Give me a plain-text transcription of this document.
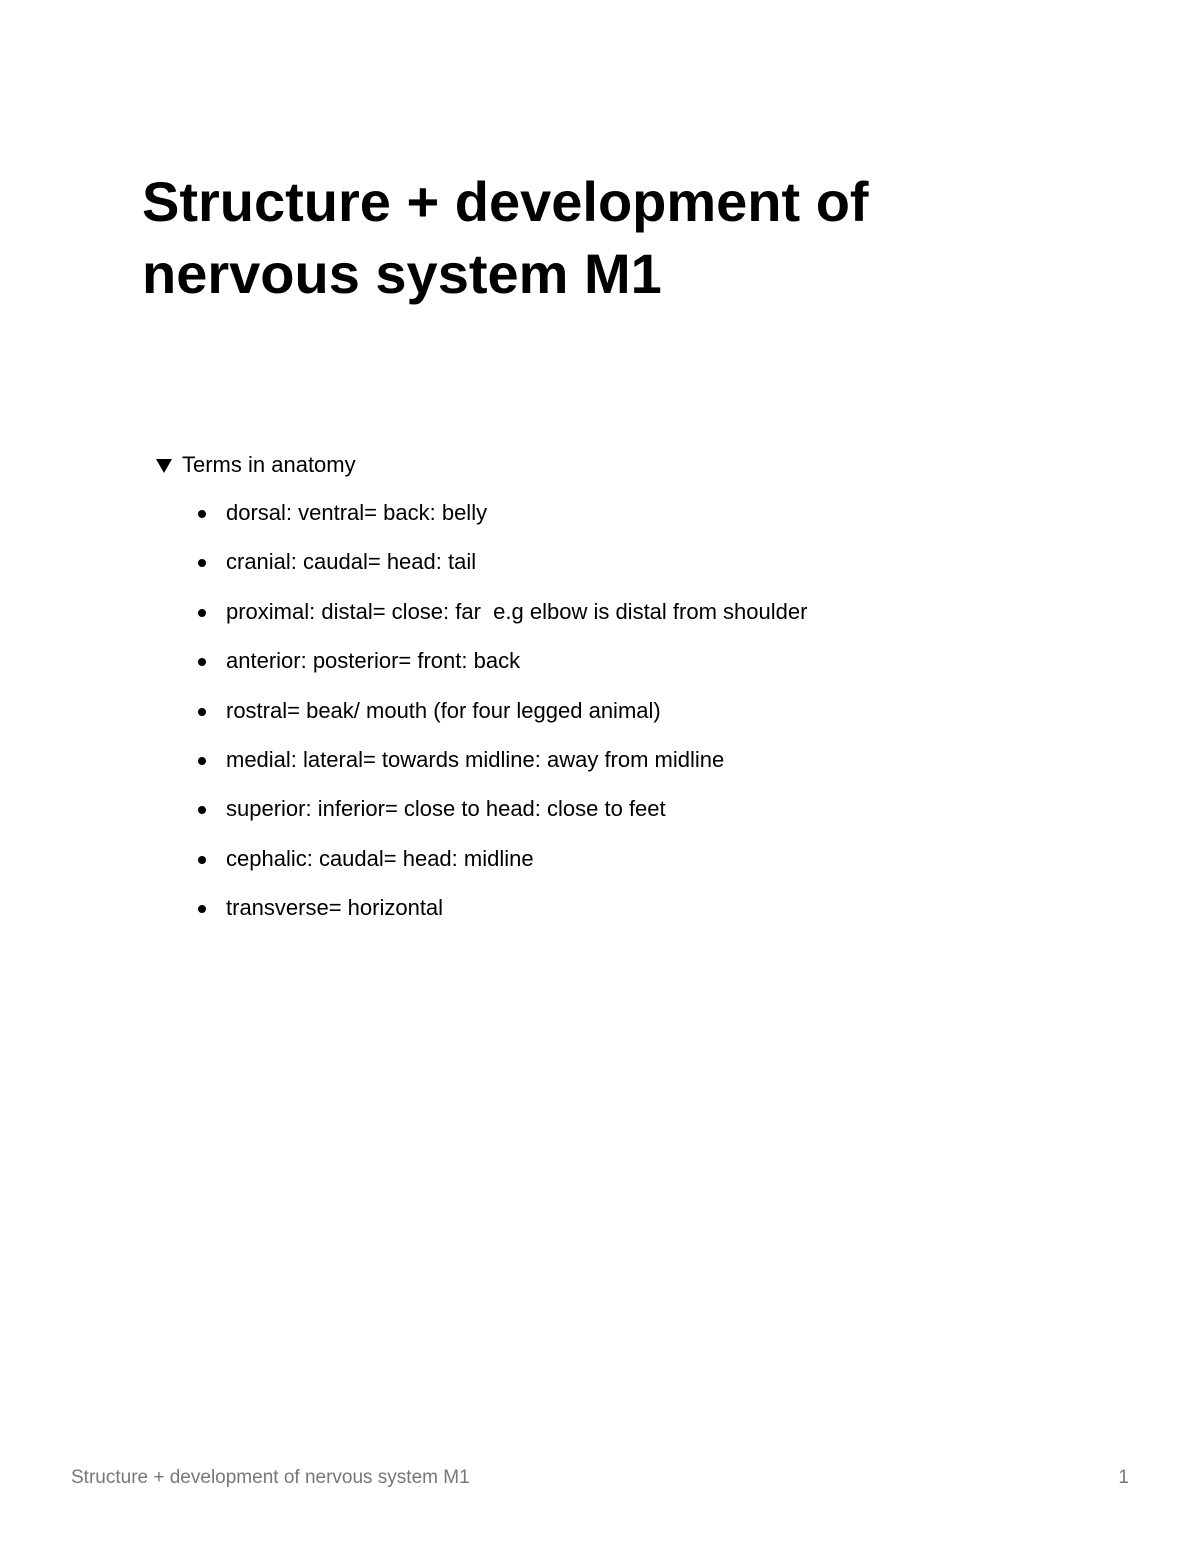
Structure + development of nervous system M1
Terms in anatomy
dorsal: ventral= back: belly
cranial: caudal= head: tail
proximal: distal= close: far  e.g elbow is distal from shoulder
anterior: posterior= front: back
rostral= beak/ mouth (for four legged animal)
medial: lateral= towards midline: away from midline
superior: inferior= close to head: close to feet
cephalic: caudal= head: midline
transverse= horizontal
Structure + development of nervous system M1	1
